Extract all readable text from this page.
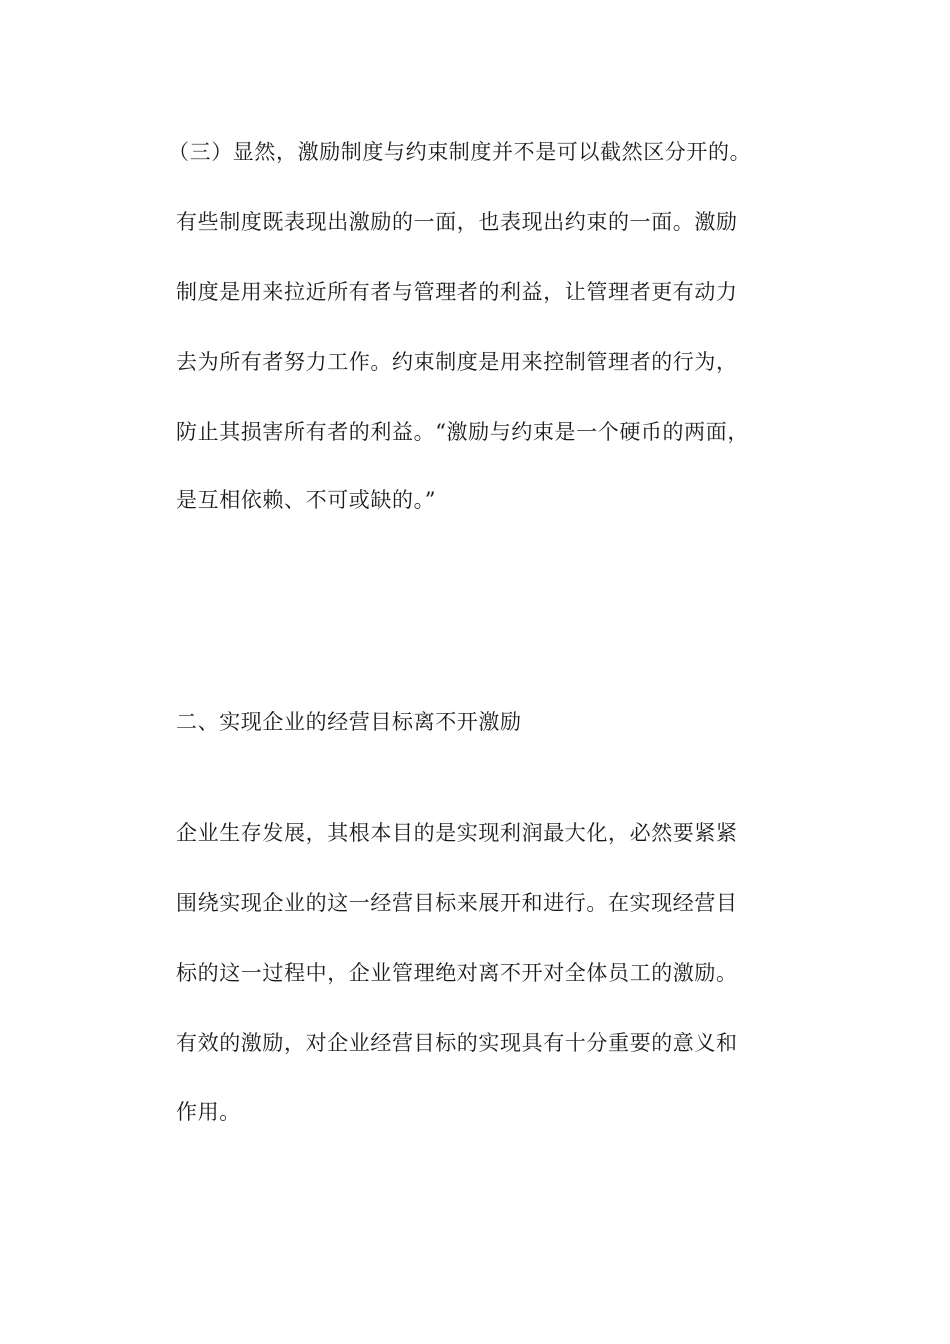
（三）显然，激励制度与约束制度并不是可以截然区分开的。
有些制度既表现出激励的一面，也表现出约束的一面。激励
制度是用来拉近所有者与管理者的利益，让管理者更有动力
去为所有者努力工作。约束制度是用来控制管理者的行为，
防止其损害所有者的利益。“激励与约束是一个硬币的两面，
是互相依赖、不可或缺的。”
二、实现企业的经营目标离不开激励
企业生存发展，其根本目的是实现利润最大化，必然要紧紧
围绕实现企业的这一经营目标来展开和进行。在实现经营目
标的这一过程中，企业管理绝对离不开对全体员工的激励。
有效的激励，对企业经营目标的实现具有十分重要的意义和
作用。
